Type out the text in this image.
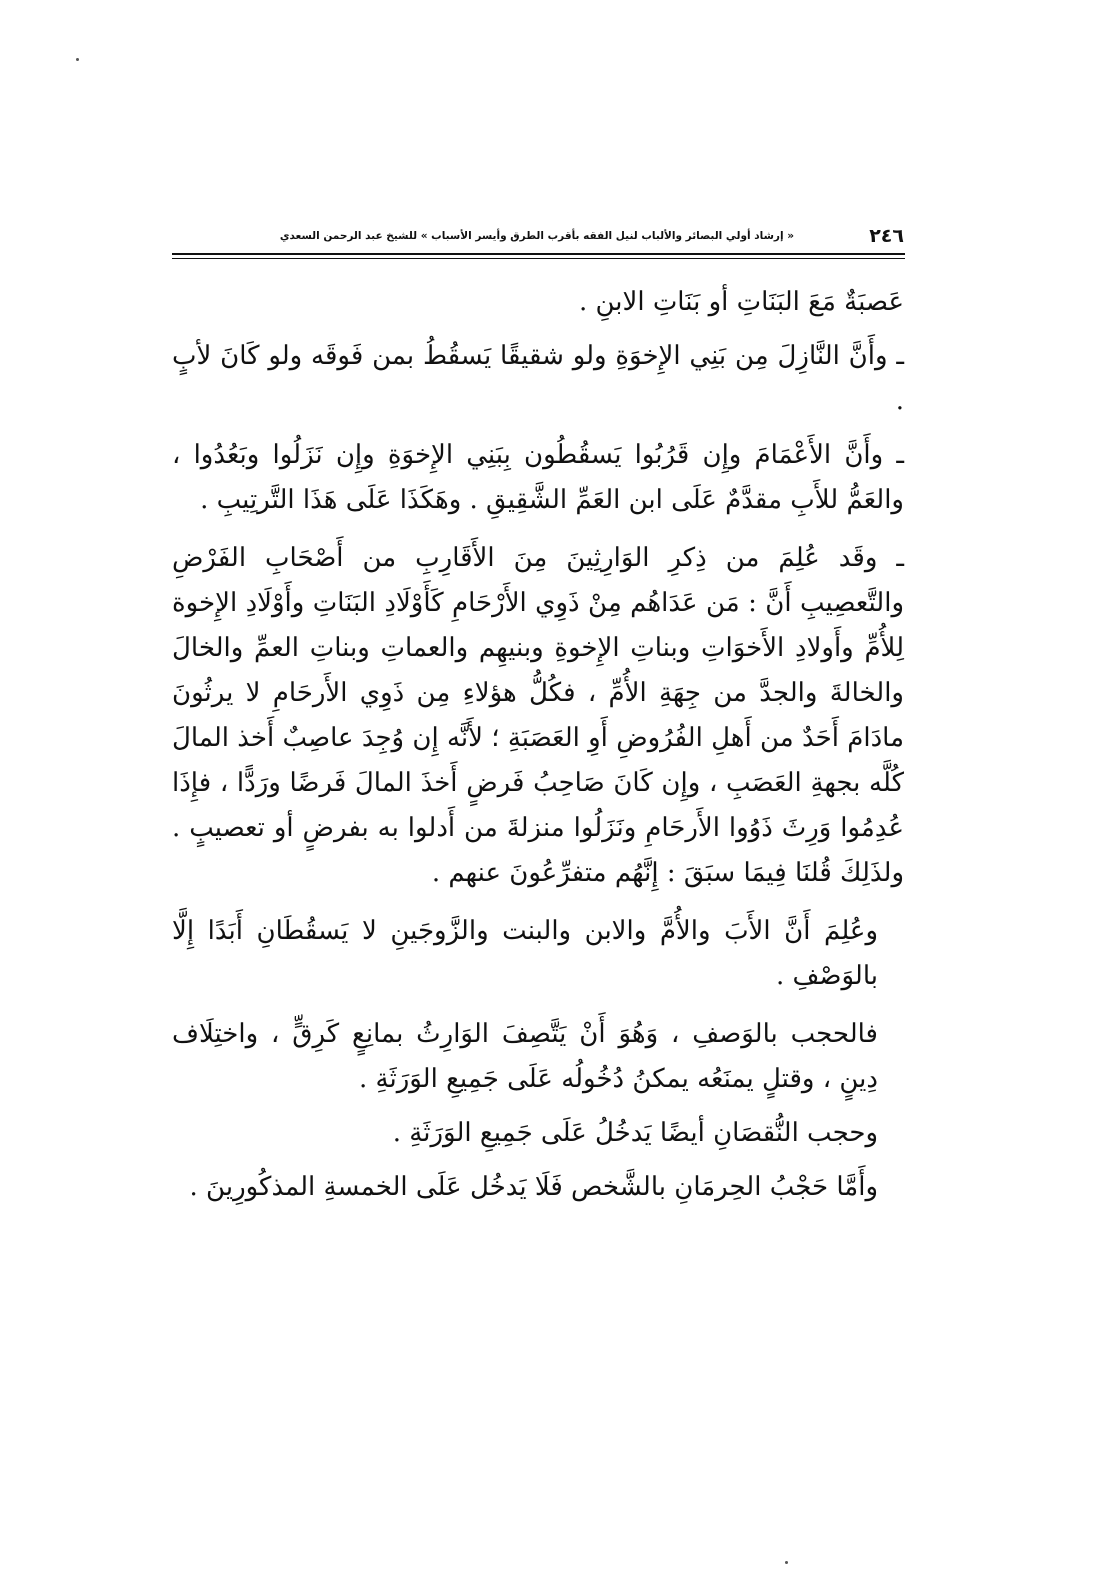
٢٤٦
« إرشاد أولي البصائر والألباب لنيل الفقه بأقرب الطرق وأيسر الأسباب » للشيخ عبد الرحمن السعدي

عَصبَةٌ مَعَ البَنَاتِ أو بَنَاتِ الابنِ .

ـ وأَنَّ النَّازِلَ مِن بَنِي الإِخوَةِ ولو شقيقًا يَسقُطُ بمن فَوقَه ولو كَانَ لأبٍ .

ـ وأَنَّ الأَعْمَامَ وإِن قَرُبُوا يَسقُطُون بِبَنِي الإِخوَةِ وإِن نَزَلُوا وبَعُدُوا ، والعَمُّ للأَبِ مقدَّمٌ عَلَى ابن العَمِّ الشَّقِيقِ . وهَكَذَا عَلَى هَذَا التَّرتِيبِ .

ـ وقَد عُلِمَ من ذِكرِ الوَارِثِينَ مِنَ الأَقَارِبِ من أَصْحَابِ الفَرْضِ والتَّعصِيبِ أَنَّ : مَن عَدَاهُم مِنْ ذَوِي الأَرْحَامِ كَأَوْلَادِ البَنَاتِ وأَوْلَادِ الإِخوة لِلأُمِّ وأَولادِ الأَخوَاتِ وبناتِ الإِخوةِ وبنيهِم والعماتِ وبناتِ العمِّ والخالَ والخالةَ والجدَّ من جِهَةِ الأُمِّ ، فكُلُّ هؤلاءِ مِن ذَوِي الأَرحَامِ لا يرثُونَ مادَامَ أَحَدٌ من أَهلِ الفُرُوضِ أَوِ العَصَبَةِ ؛ لأَنَّه إِن وُجِدَ عاصِبٌ أَخذ المالَ كُلَّه بجهةِ العَصَبِ ، وإِن كَانَ صَاحِبُ فَرضٍ أَخذَ المالَ فَرضًا ورَدًّا ، فإِذَا عُدِمُوا وَرِثَ ذَوُوا الأَرحَامِ ونَزَلُوا منزلةَ من أَدلوا به بفرضٍ أو تعصيبٍ . ولذَلِكَ قُلنَا فِيمَا سبَقَ : إِنَّهُم متفرِّعُونَ عنهم .

وعُلِمَ أَنَّ الأَبَ والأُمَّ والابن والبنت والزَّوجَينِ لا يَسقُطَانِ أَبَدًا إِلَّا بالوَصْفِ .

فالحجب بالوَصفِ ، وَهُوَ أَنْ يَتَّصِفَ الوَارِثُ بمانِعٍ كَرِقٍّ ، واختِلَاف دِينٍ ، وقتلٍ يمنَعُه يمكنُ دُخُولُه عَلَى جَمِيعِ الوَرَثَةِ .

وحجب النُّقصَانِ أيضًا يَدخُلُ عَلَى جَمِيعِ الوَرَثَةِ .

وأَمَّا حَجْبُ الحِرمَانِ بالشَّخص فَلَا يَدخُل عَلَى الخمسةِ المذكُورِينَ .
